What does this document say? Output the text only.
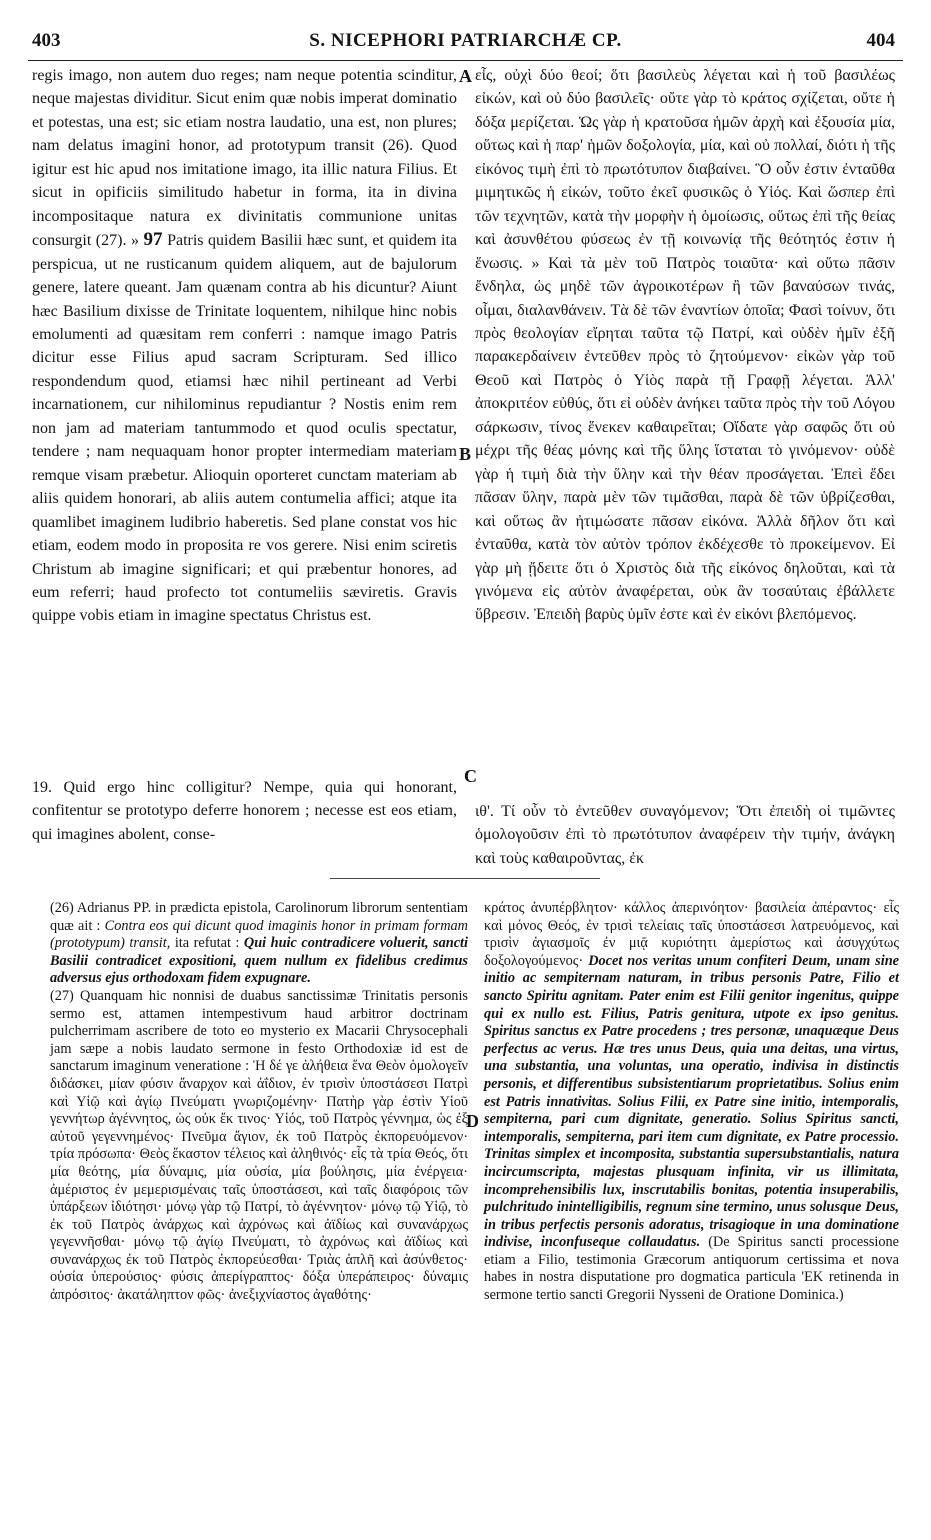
403	S. NICEPHORI PATRIARCHÆ CP.	404
A
B
C
D

regis imago, non autem duo reges; nam neque potentia scinditur, neque majestas dividitur. Sicut enim quæ nobis imperat dominatio et potestas, una est; sic etiam nostra laudatio, una est, non plures; nam delatus imagini honor, ad prototypum transit (26). Quod igitur est hic apud nos imitatione imago, ita illic natura Filius. Et sicut in opificiis similitudo habetur in forma, ita in divina incompositaque natura ex divinitatis communione unitas consurgit (27). » 97 Patris quidem Basilii hæc sunt, et quidem ita perspicua, ut ne rusticanum quidem aliquem, aut de bajulorum genere, latere queant. Jam quænam contra ab his dicuntur? Aiunt hæc Basilium dixisse de Trinitate loquentem, nihilque hinc nobis emolumenti ad quæsitam rem conferri : namque imago Patris dicitur esse Filius apud sacram Scripturam. Sed illico respondendum quod, etiamsi hæc nihil pertineant ad Verbi incarnationem, cur nihilominus repudiantur ? Nostis enim rem non jam ad materiam tantummodo et quod oculis spectatur, tendere ; nam nequaquam honor propter intermediam materiam remque visam præbetur. Alioquin oporteret cunctam materiam ab aliis quidem honorari, ab aliis autem contumelia affici; atque ita quamlibet imaginem ludibrio haberetis. Sed plane constat vos hic etiam, eodem modo in proposita re vos gerere. Nisi enim sciretis Christum ab imagine significari; et qui præbentur honores, ad eum referri; haud profecto tot contumeliis sæviretis. Gravis quippe vobis etiam in imagine spectatus Christus est.

19. Quid ergo hinc colligitur? Nempe, quia qui honorant, confitentur se prototypo deferre honorem ; necesse est eos etiam, qui imagines abolent, conse-

εἷς, οὐχὶ δύο θεοί; ὅτι βασιλεὺς λέγεται καὶ ἡ τοῦ βασιλέως εἰκών, καὶ οὐ δύο βασιλεῖς· οὔτε γὰρ τὸ κράτος σχίζεται, οὔτε ἡ δόξα μερίζεται. Ὡς γὰρ ἡ κρατοῦσα ἡμῶν ἀρχὴ καὶ ἐξουσία μία, οὕτως καὶ ἡ παρ' ἡμῶν δοξολογία, μία, καὶ οὐ πολλαί, διότι ἡ τῆς εἰκόνος τιμὴ ἐπὶ τὸ πρωτότυπον διαβαίνει. Ὃ οὖν ἐστιν ἐνταῦθα μιμητικῶς ἡ εἰκών, τοῦτο ἐκεῖ φυσικῶς ὁ Υἱός. Καὶ ὥσπερ ἐπὶ τῶν τεχνητῶν, κατὰ τὴν μορφὴν ἡ ὁμοίωσις, οὕτως ἐπὶ τῆς θείας καὶ ἀσυνθέτου φύσεως ἐν τῇ κοινωνίᾳ τῆς θεότητός ἐστιν ἡ ἕνωσις. » Καὶ τὰ μὲν τοῦ Πατρὸς τοιαῦτα· καὶ οὕτω πᾶσιν ἔνδηλα, ὡς μηδὲ τῶν ἀγροικοτέρων ἢ τῶν βαναύσων τινάς, οἶμαι, διαλανθάνειν. Τὰ δὲ τῶν ἐναντίων ὁποῖα; Φασὶ τοίνυν, ὅτι πρὸς θεολογίαν εἴρηται ταῦτα τῷ Πατρί, καὶ οὐδὲν ἡμῖν ἐξῆ παρακερδαίνειν ἐντεῦθεν πρὸς τὸ ζητούμενον· εἰκὼν γὰρ τοῦ Θεοῦ καὶ Πατρὸς ὁ Υἱὸς παρὰ τῇ Γραφῇ λέγεται. Ἀλλ' ἀποκριτέον εὐθύς, ὅτι εἰ οὐδὲν ἀνήκει ταῦτα πρὸς τὴν τοῦ Λόγου σάρκωσιν, τίνος ἕνεκεν καθαιρεῖται; Οἴδατε γὰρ σαφῶς ὅτι οὐ μέχρι τῆς θέας μόνης καὶ τῆς ὕλης ἵσταται τὸ γινόμενον· οὐδὲ γὰρ ἡ τιμὴ διὰ τὴν ὕλην καὶ τὴν θέαν προσάγεται. Ἐπεὶ ἔδει πᾶσαν ὕλην, παρὰ μὲν τῶν τιμᾶσθαι, παρὰ δὲ τῶν ὑβρίζεσθαι, καὶ οὕτως ἂν ἠτιμώσατε πᾶσαν εἰκόνα. Ἀλλὰ δῆλον ὅτι καὶ ἐνταῦθα, κατὰ τὸν αὐτὸν τρόπον ἐκδέχεσθε τὸ προκείμενον. Εἰ γὰρ μὴ ᾔδειτε ὅτι ὁ Χριστὸς διὰ τῆς εἰκόνος δηλοῦται, καὶ τὰ γινόμενα εἰς αὐτὸν ἀναφέρεται, οὐκ ἂν τοσαύταις ἐβάλλετε ὕβρεσιν. Ἐπειδὴ βαρὺς ὑμῖν ἐστε καὶ ἐν εἰκόνι βλεπόμενος.

ιθ'. Τί οὖν τὸ ἐντεῦθεν συναγόμενον; Ὅτι ἐπειδὴ οἱ τιμῶντες ὁμολογοῦσιν ἐπὶ τὸ πρωτότυπον ἀναφέρειν τὴν τιμήν, ἀνάγκη καὶ τοὺς καθαιροῦντας, ἐκ

(26) Adrianus PP. in prædicta epistola, Carolinorum librorum sententiam quæ ait : Contra eos qui dicunt quod imaginis honor in primam formam (prototypum) transit, ita refutat : Qui huic contradicere voluerit, sancti Basilii contradicet expositioni, quem nullum ex fidelibus credimus adversus ejus orthodoxam fidem expugnare.

(27) Quanquam hic nonnisi de duabus sanctissimæ Trinitatis personis sermo est, attamen intempestivum haud arbitror doctrinam pulcherrimam ascribere de toto eo mysterio ex Macarii Chrysocephali jam sæpe a nobis laudato sermone in festo Orthodoxiæ id est de sanctarum imaginum veneratione : Ἡ δέ γε ἀλήθεια ἕνα Θεὸν ὁμολογεῖν διδάσκει, μίαν φύσιν ἄναρχον καὶ ἀΐδιον, ἐν τρισὶν ὑποστάσεσι Πατρὶ καὶ Υἱῷ καὶ ἁγίῳ Πνεύματι γνωριζομένην· Πατὴρ γὰρ ἐστὶν Υἱοῦ γεννήτωρ ἀγέννητος, ὡς οὐκ ἔκ τινος· Υἱός, τοῦ Πατρὸς γέννημα, ὡς ἐξ αὐτοῦ γεγεννημένος· Πνεῦμα ἅγιον, ἐκ τοῦ Πατρὸς ἐκπορευόμενον· τρία πρόσωπα· Θεὸς ἕκαστον τέλειος καὶ ἀληθινός· εἷς τὰ τρία Θεός, ὅτι μία θεότης, μία δύναμις, μία οὐσία, μία βούλησις, μία ἐνέργεια· ἀμέριστος ἐν μεμερισμέναις ταῖς ὑποστάσεσι, καὶ ταῖς διαφόροις τῶν ὑπάρξεων ἰδιότησι· μόνῳ γὰρ τῷ Πατρί, τὸ ἀγέννητον· μόνῳ τῷ Υἱῷ, τὸ ἐκ τοῦ Πατρὸς ἀνάρχως καὶ ἀχρόνως καὶ ἀϊδίως καὶ συνανάρχως γεγεννῆσθαι· μόνῳ τῷ ἁγίῳ Πνεύματι, τὸ ἀχρόνως καὶ ἀϊδίως καὶ συνανάρχως ἐκ τοῦ Πατρὸς ἐκπορεύεσθαι· Τριὰς ἁπλῆ καὶ ἀσύνθετος· οὐσία ὑπερούσιος· φύσις ἀπερίγραπτος· δόξα ὑπεράπειρος· δύναμις ἀπρόσιτος· ἀκατάληπτον φῶς· ἀνεξιχνίαστος ἀγαθότης·

κράτος ἀνυπέρβλητον· κάλλος ἀπερινόητον· βασιλεία ἀπέραντος· εἷς καὶ μόνος Θεός, ἐν τρισὶ τελείαις ταῖς ὑποστάσεσι λατρευόμενος, καὶ τρισὶν ἁγιασμοῖς ἐν μιᾷ κυριότητι ἀμερίστως καὶ ἀσυγχύτως δοξολογούμενος· Docet nos veritas unum confiteri Deum, unam sine initio ac sempiternam naturam, in tribus personis Patre, Filio et sancto Spiritu agnitam. Pater enim est Filii genitor ingenitus, quippe qui ex nullo est. Filius, Patris genitura, utpote ex ipso genitus. Spiritus sanctus ex Patre procedens ; tres personæ, unaquæque Deus perfectus ac verus. Hæ tres unus Deus, quia una deitas, una virtus, una substantia, una voluntas, una operatio, indivisa in distinctis personis, et differentibus subsistentiarum proprietatibus. Solius enim est Patris innativitas. Solius Filii, ex Patre sine initio, intemporalis, sempiterna, pari cum dignitate, generatio. Solius Spiritus sancti, intemporalis, sempiterna, pari item cum dignitate, ex Patre processio. Trinitas simplex et incomposita, substantia supersubstantialis, natura incircumscripta, majestas plusquam infinita, vir us illimitata, incomprehensibilis lux, inscrutabilis bonitas, potentia insuperabilis, pulchritudo inintelligibilis, regnum sine termino, unus solusque Deus, in tribus perfectis personis adoratus, trisagioque in una dominatione indivise, inconfuseque collaudatus. (De Spiritus sancti processione etiam a Filio, testimonia Græcorum antiquorum certissima et nova habes in nostra disputatione pro dogmatica particula 'EK retinenda in sermone tertio sancti Gregorii Nysseni de Oratione Dominica.)
